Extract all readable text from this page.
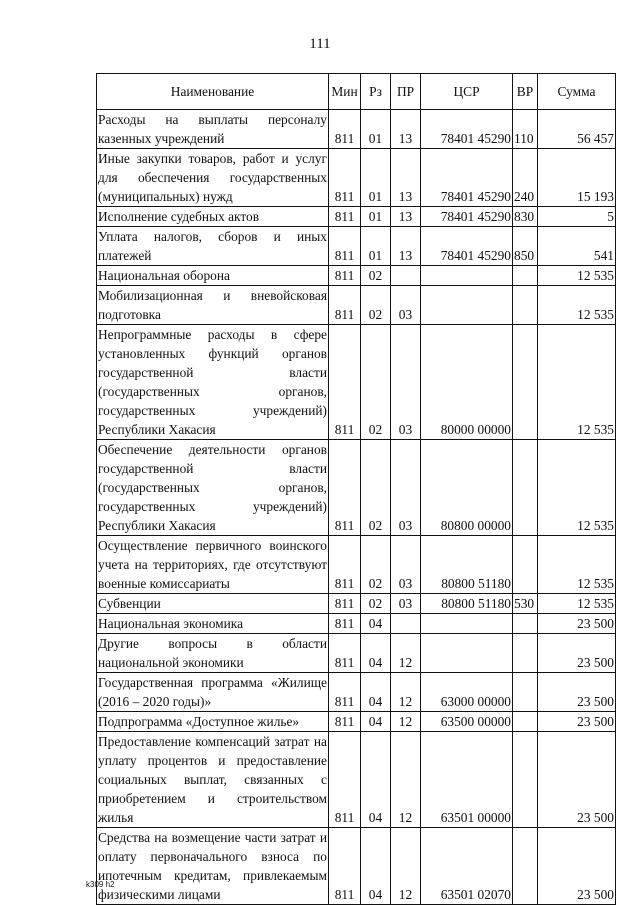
111
Наименование	Мин	Рз	ПР	ЦСР	ВР	Сумма
Расходы на выплаты персоналу казенных учреждений	811	01	13	78401 45290	110	56 457
Иные закупки товаров, работ и услуг для обеспечения государственных (муниципальных) нужд	811	01	13	78401 45290	240	15 193
Исполнение судебных актов	811	01	13	78401 45290	830	5
Уплата налогов, сборов и иных платежей	811	01	13	78401 45290	850	541
Национальная оборона	811	02				12 535
Мобилизационная и вневойсковая подготовка	811	02	03			12 535
Непрограммные расходы в сфере установленных функций органов государственной власти (государственных органов, государственных учреждений) Республики Хакасия	811	02	03	80000 00000		12 535
Обеспечение деятельности органов государственной власти (государственных органов, государственных учреждений) Республики Хакасия	811	02	03	80800 00000		12 535
Осуществление первичного воинского учета на территориях, где отсутствуют военные комиссариаты	811	02	03	80800 51180		12 535
Субвенции	811	02	03	80800 51180	530	12 535
Национальная экономика	811	04				23 500
Другие вопросы в области национальной экономики	811	04	12			23 500
Государственная программа «Жилище (2016 – 2020 годы)»	811	04	12	63000 00000		23 500
Подпрограмма «Доступное жилье»	811	04	12	63500 00000		23 500
Предоставление компенсаций затрат на уплату процентов и предоставление социальных выплат, связанных с приобретением и строительством жилья	811	04	12	63501 00000		23 500
Средства на возмещение части затрат и оплату первоначального взноса по ипотечным кредитам, привлекаемым физическими лицами	811	04	12	63501 02070		23 500
k309 h2
